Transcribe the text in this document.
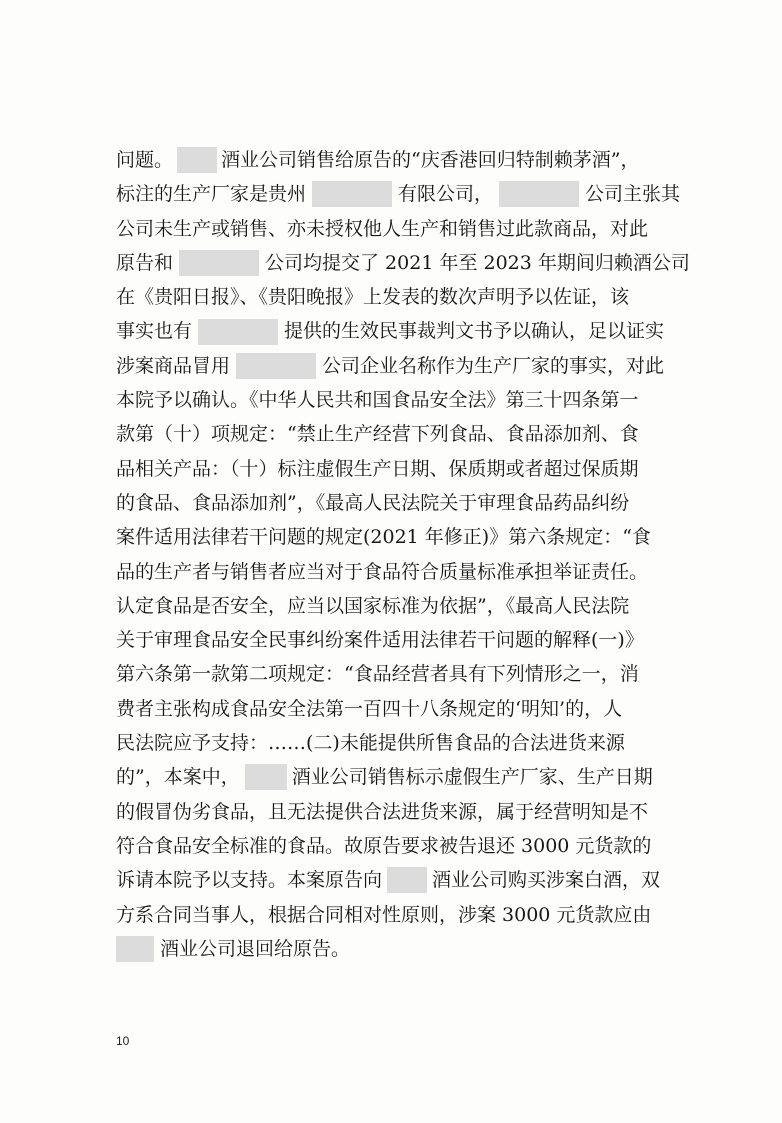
问题。	酒业公司销售给原告的“庆香港回归特制赖茅酒”，
标注的生产厂家是贵州	有限公司，	公司主张其
公司未生产或销售、亦未授权他人生产和销售过此款商品，对此
原告和	公司均提交了 2021 年至 2023 年期间归赖酒公司
在《贵阳日报》、《贵阳晚报》上发表的数次声明予以佐证，该
事实也有	提供的生效民事裁判文书予以确认，足以证实
涉案商品冒用	公司企业名称作为生产厂家的事实，对此
本院予以确认。《中华人民共和国食品安全法》第三十四条第一
款第（十）项规定：“禁止生产经营下列食品、食品添加剂、食
品相关产品：（十）标注虚假生产日期、保质期或者超过保质期
的食品、食品添加剂”，《最高人民法院关于审理食品药品纠纷
案件适用法律若干问题的规定(2021 年修正)》第六条规定：“食
品的生产者与销售者应当对于食品符合质量标准承担举证责任。
认定食品是否安全，应当以国家标准为依据”，《最高人民法院
关于审理食品安全民事纠纷案件适用法律若干问题的解释(一)》
第六条第一款第二项规定：“食品经营者具有下列情形之一，消
费者主张构成食品安全法第一百四十八条规定的‘明知’的，人
民法院应予支持：……(二)未能提供所售食品的合法进货来源
的”，本案中，	酒业公司销售标示虚假生产厂家、生产日期
的假冒伪劣食品，且无法提供合法进货来源，属于经营明知是不
符合食品安全标准的食品。故原告要求被告退还 3000 元货款的
诉请本院予以支持。本案原告向	酒业公司购买涉案白酒，双
方系合同当事人，根据合同相对性原则，涉案 3000 元货款应由
酒业公司退回给原告。
10
